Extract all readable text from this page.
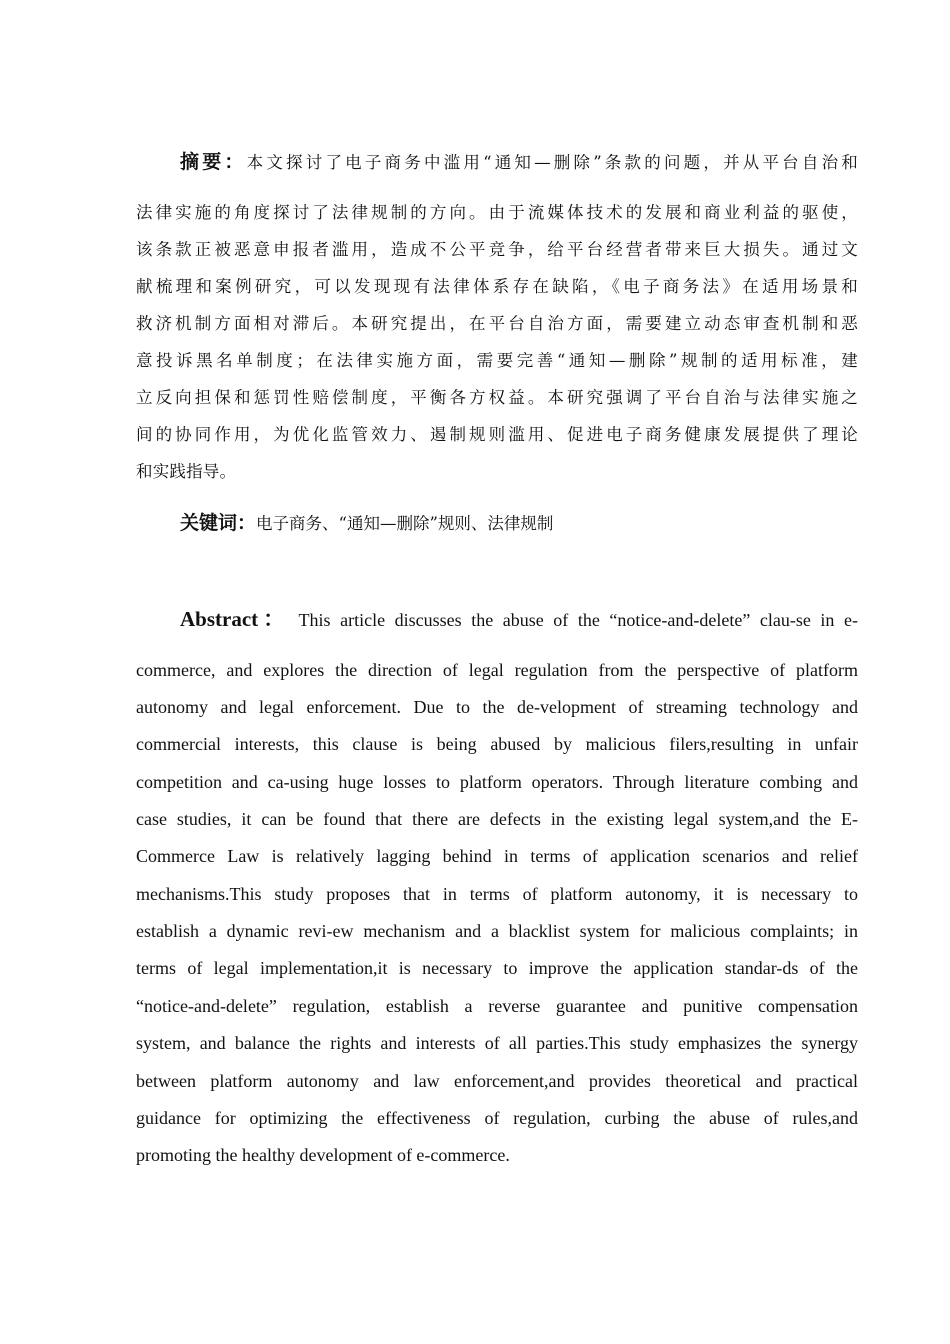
摘要：本文探讨了电子商务中滥用“通知—删除”条款的问题，并从平台自治和
法律实施的角度探讨了法律规制的方向。由于流媒体技术的发展和商业利益的驱使，
该条款正被恶意申报者滥用，造成不公平竞争，给平台经营者带来巨大损失。通过文
献梳理和案例研究，可以发现现有法律体系存在缺陷，《电子商务法》在适用场景和
救济机制方面相对滞后。本研究提出，在平台自治方面，需要建立动态审查机制和恶
意投诉黑名单制度；在法律实施方面，需要完善“通知—删除”规制的适用标准，建
立反向担保和惩罚性赔偿制度，平衡各方权益。本研究强调了平台自治与法律实施之
间的协同作用，为优化监管效力、遏制规则滥用、促进电子商务健康发展提供了理论
和实践指导。
关键词：电子商务、“通知—删除”规则、法律规制
Abstract： This article discusses the abuse of the “notice-and-delete” clau-se in e-
commerce, and explores the direction of legal regulation from the perspective of platform
autonomy and legal enforcement. Due to the de-velopment of streaming technology and
commercial interests, this clause is being abused by malicious filers,resulting in unfair
competition and ca-using huge losses to platform operators. Through literature combing and
case studies, it can be found that there are defects in the existing legal system,and the E-
Commerce Law is relatively lagging behind in terms of application scenarios and relief
mechanisms.This study proposes that in terms of platform autonomy, it is necessary to
establish a dynamic revi-ew mechanism and a blacklist system for malicious complaints; in
terms of legal implementation,it is necessary to improve the application standar-ds of the
“notice-and-delete” regulation, establish a reverse guarantee and punitive compensation
system, and balance the rights and interests of all parties.This study emphasizes the synergy
between platform autonomy and law enforcement,and provides theoretical and practical
guidance for optimizing the effectiveness of regulation, curbing the abuse of rules,and
promoting the healthy development of e-commerce.
